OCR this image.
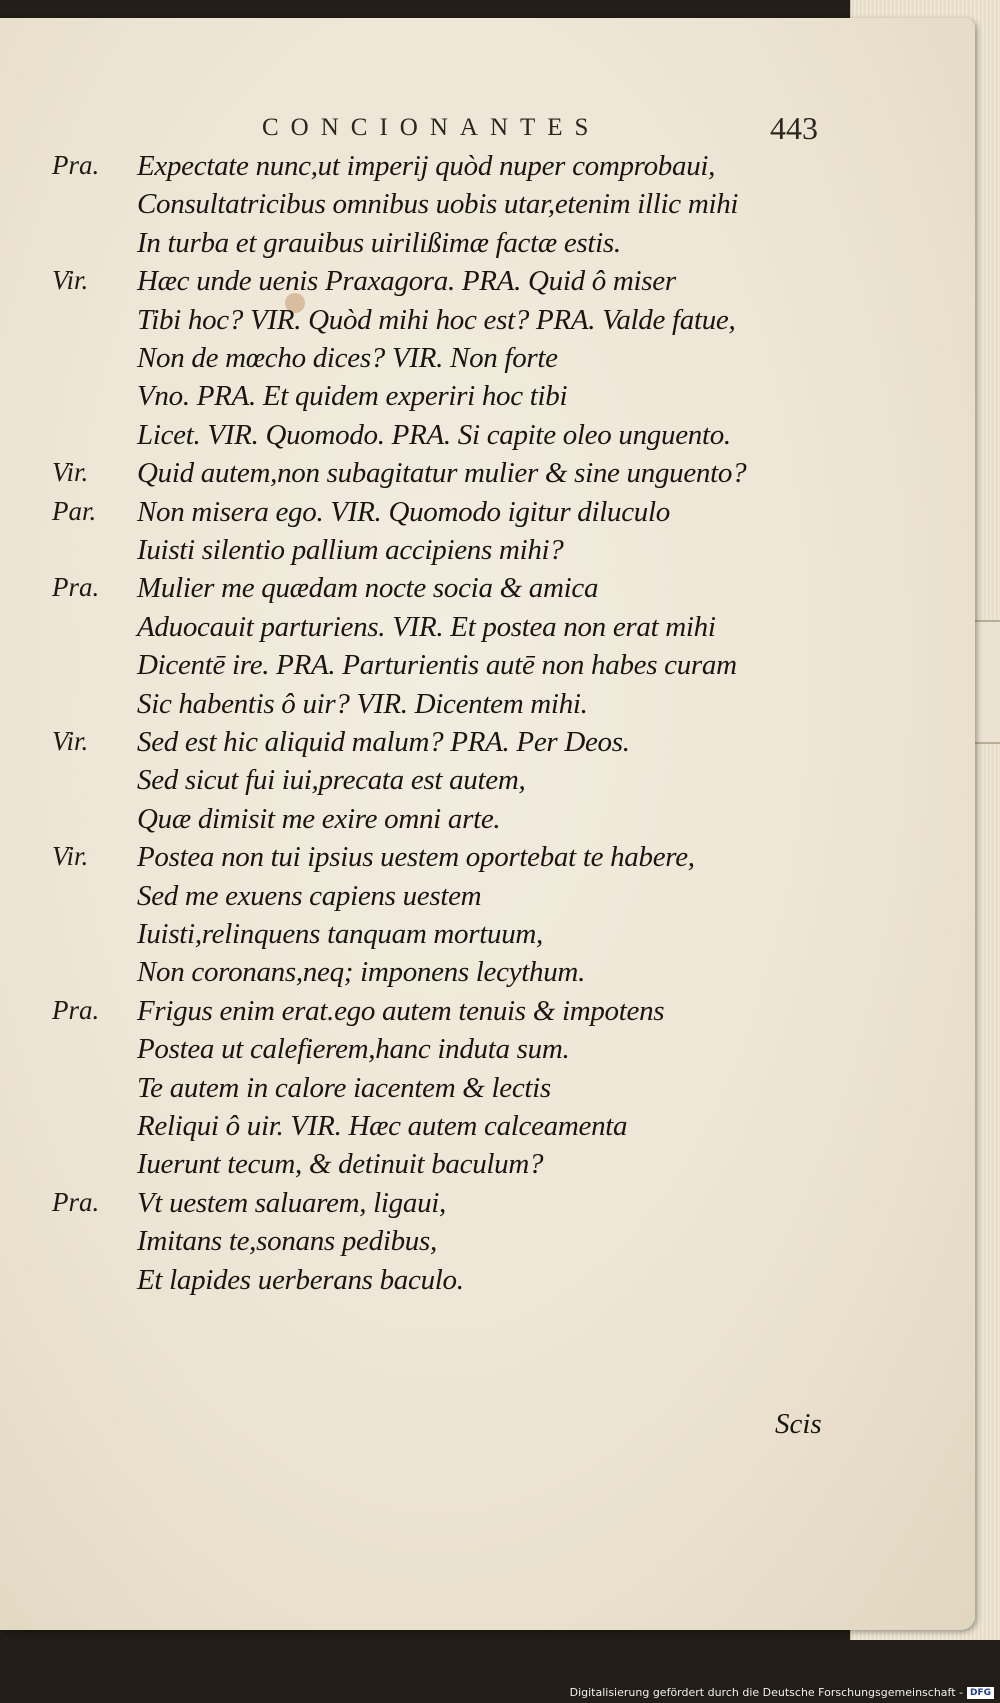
CONCIONANTES	443
Pra. Expectate nunc,ut imperij quòd nuper comprobaui,
Consultatricibus omnibus uobis utar,etenim illic mihi
In turba et grauibus uirilißimæ factæ estis.
Vir. Hæc unde uenis Praxagora. PRA. Quid ô miser
Tibi hoc? VIR. Quòd mihi hoc est? PRA. Valde fatue,
Non de mœcho dices? VIR. Non forte
Vno. PRA. Et quidem experiri hoc tibi
Licet. VIR. Quomodo. PRA. Si capite oleo unguento.
Vir. Quid autem,non subagitatur mulier & sine unguento?
Par. Non misera ego. VIR. Quomodo igitur diluculo
Iuisti silentio pallium accipiens mihi?
Pra. Mulier me quædam nocte socia & amica
Aduocauit parturiens. VIR. Et postea non erat mihi
Dicentē ire. PRA. Parturientis autē non habes curam
Sic habentis ô uir? VIR. Dicentem mihi.
Vir. Sed est hic aliquid malum? PRA. Per Deos.
Sed sicut fui iui,precata est autem,
Quæ dimisit me exire omni arte.
Vir. Postea non tui ipsius uestem oportebat te habere,
Sed me exuens capiens uestem
Iuisti,relinquens tanquam mortuum,
Non coronans,neq; imponens lecythum.
Pra. Frigus enim erat.ego autem tenuis & impotens
Postea ut calefierem,hanc induta sum.
Te autem in calore iacentem & lectis
Reliqui ô uir. VIR. Hæc autem calceamenta
Iuerunt tecum, & detinuit baculum?
Pra. Vt uestem saluarem, ligaui,
Imitans te,sonans pedibus,
Et lapides uerberans baculo.
Scis
Digitalisierung gefördert durch die Deutsche Forschungsgemeinschaft - DFG
